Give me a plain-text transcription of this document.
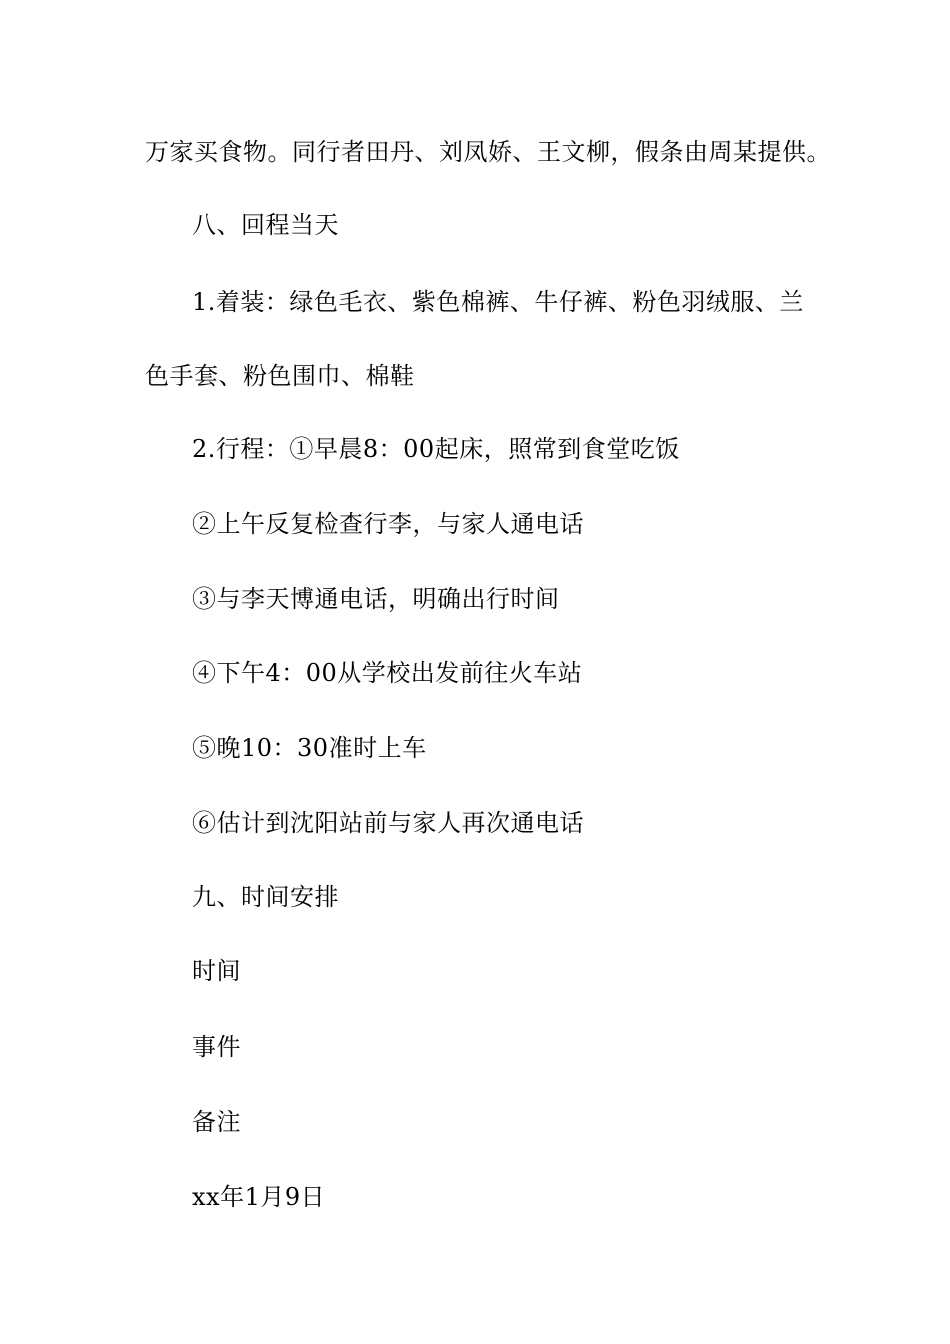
万家买食物。同行者田丹、刘凤娇、王文柳，假条由周某提供。
八、回程当天
1.着装：绿色毛衣、紫色棉裤、牛仔裤、粉色羽绒服、兰
色手套、粉色围巾、棉鞋
2.行程：①早晨8：00起床，照常到食堂吃饭
②上午反复检查行李，与家人通电话
③与李天博通电话，明确出行时间
④下午4：00从学校出发前往火车站
⑤晚10：30准时上车
⑥估计到沈阳站前与家人再次通电话
九、时间安排
时间
事件
备注
xx年1月9日
